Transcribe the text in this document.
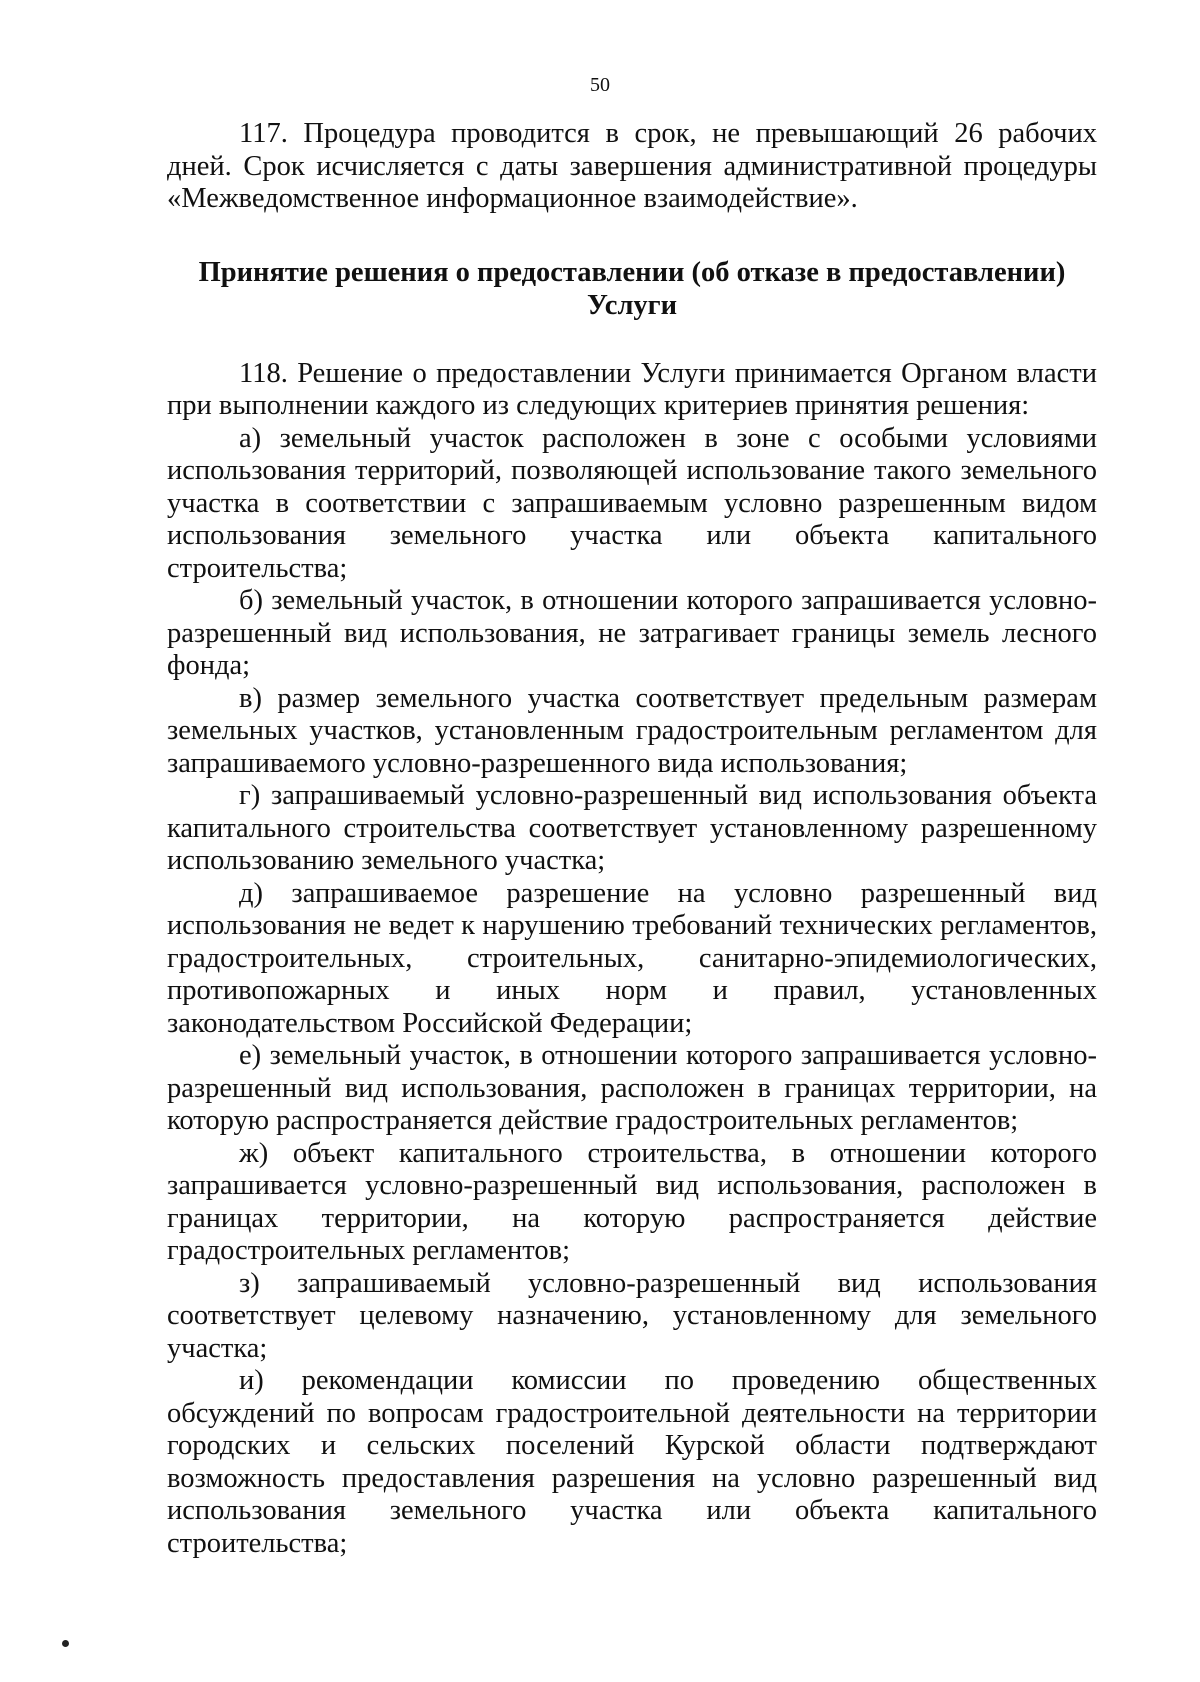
50

117. Процедура проводится в срок, не превышающий 26 рабочих дней. Срок исчисляется с даты завершения административной процедуры «Межведомственное информационное взаимодействие».

Принятие решения о предоставлении (об отказе в предоставлении)
Услуги

118. Решение о предоставлении Услуги принимается Органом власти при выполнении каждого из следующих критериев принятия решения:

а) земельный участок расположен в зоне с особыми условиями использования территорий, позволяющей использование такого земельного участка в соответствии с запрашиваемым условно разрешенным видом использования земельного участка или объекта капитального строительства;

б) земельный участок, в отношении которого запрашивается условно-разрешенный вид использования, не затрагивает границы земель лесного фонда;

в) размер земельного участка соответствует предельным размерам земельных участков, установленным градостроительным регламентом для запрашиваемого условно-разрешенного вида использования;

г) запрашиваемый условно-разрешенный вид использования объекта капитального строительства соответствует установленному разрешенному использованию земельного участка;

д) запрашиваемое разрешение на условно разрешенный вид использования не ведет к нарушению требований технических регламентов, градостроительных, строительных, санитарно-эпидемиологических, противопожарных и иных норм и правил, установленных законодательством Российской Федерации;

е) земельный участок, в отношении которого запрашивается условно-разрешенный вид использования, расположен в границах территории, на которую распространяется действие градостроительных регламентов;

ж) объект капитального строительства, в отношении которого запрашивается условно-разрешенный вид использования, расположен в границах территории, на которую распространяется действие градостроительных регламентов;

з) запрашиваемый условно-разрешенный вид использования соответствует целевому назначению, установленному для земельного участка;

и) рекомендации комиссии по проведению общественных обсуждений по вопросам градостроительной деятельности на территории городских и сельских поселений Курской области подтверждают возможность предоставления разрешения на условно разрешенный вид использования земельного участка или объекта капитального строительства;
